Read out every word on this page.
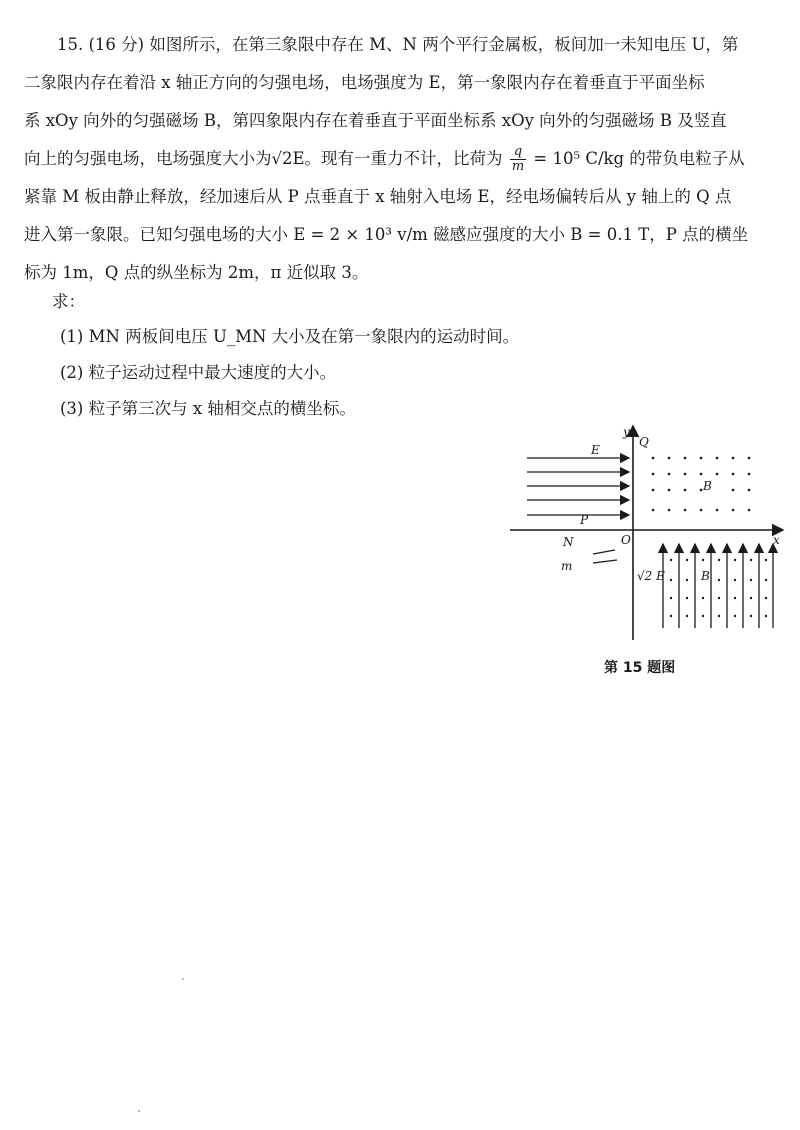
15. (16 分) 如图所示，在第三象限中存在 M、N 两个平行金属板，板间加一未知电压 U，第

二象限内存在着沿 x 轴正方向的匀强电场，电场强度为 E，第一象限内存在着垂直于平面坐标
系 xOy 向外的匀强磁场 B，第四象限内存在着垂直于平面坐标系 xOy 向外的匀强磁场 B 及竖直
向上的匀强电场，电场强度大小为√2E。现有一重力不计，比荷为 $\frac{q}{m} = 10^5$ C/kg 的带负电粒子从
紧靠 M 板由静止释放，经加速后从 P 点垂直于 x 轴射入电场 E，经电场偏转后从 y 轴上的 Q 点
进入第一象限。已知匀强电场的大小 E = 2 × 10³ v/m 磁感应强度的大小 B = 0.1 T，P 点的横坐
标为 1m，Q 点的纵坐标为 2m，π 近似取 3。

求：
(1) MN 两板间电压 U_MN 大小及在第一象限内的运动时间。
(2) 粒子运动过程中最大速度的大小。
(3) 粒子第三次与 x 轴相交点的横坐标。
y
x
O
Q
P
E
B
B
√2 E
N
m
第 15 题图
